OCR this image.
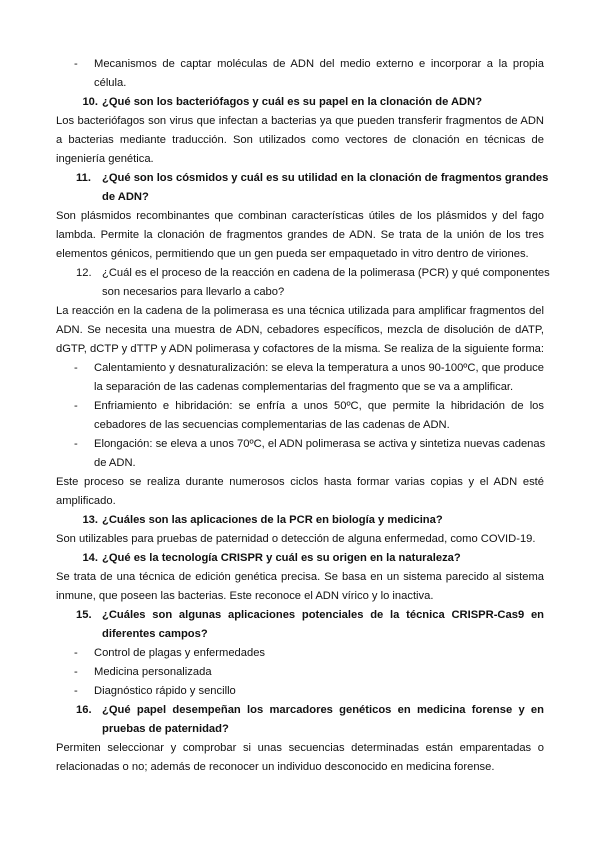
- Mecanismos de captar moléculas de ADN del medio externo e incorporar a la propia
célula.
10. ¿Qué son los bacteriófagos y cuál es su papel en la clonación de ADN?
Los bacteriófagos son virus que infectan a bacterias ya que pueden transferir fragmentos de ADN
a bacterias mediante traducción. Son utilizados como vectores de clonación en técnicas de
ingeniería genética.
11. ¿Qué son los cósmidos y cuál es su utilidad en la clonación de fragmentos grandes
de ADN?
Son plásmidos recombinantes que combinan características útiles de los plásmidos y del fago
lambda. Permite la clonación de fragmentos grandes de ADN. Se trata de la unión de los tres
elementos génicos, permitiendo que un gen pueda ser empaquetado in vitro dentro de viriones.
12. ¿Cuál es el proceso de la reacción en cadena de la polimerasa (PCR) y qué componentes
son necesarios para llevarlo a cabo?
La reacción en la cadena de la polimerasa es una técnica utilizada para amplificar fragmentos del
ADN. Se necesita una muestra de ADN, cebadores específicos, mezcla de disolución de dATP,
dGTP, dCTP y dTTP y ADN polimerasa y cofactores de la misma. Se realiza de la siguiente forma:
- Calentamiento y desnaturalización: se eleva la temperatura a unos 90-100ºC, que produce
la separación de las cadenas complementarias del fragmento que se va a amplificar.
- Enfriamiento e hibridación: se enfría a unos 50ºC, que permite la hibridación de los
cebadores de las secuencias complementarias de las cadenas de ADN.
- Elongación: se eleva a unos 70ºC, el ADN polimerasa se activa y sintetiza nuevas cadenas
de ADN.
Este proceso se realiza durante numerosos ciclos hasta formar varias copias y el ADN esté
amplificado.
13. ¿Cuáles son las aplicaciones de la PCR en biología y medicina?
Son utilizables para pruebas de paternidad o detección de alguna enfermedad, como COVID-19.
14. ¿Qué es la tecnología CRISPR y cuál es su origen en la naturaleza?
Se trata de una técnica de edición genética precisa. Se basa en un sistema parecido al sistema
inmune, que poseen las bacterias. Este reconoce el ADN vírico y lo inactiva.
15. ¿Cuáles son algunas aplicaciones potenciales de la técnica CRISPR-Cas9 en
diferentes campos?
- Control de plagas y enfermedades
- Medicina personalizada
- Diagnóstico rápido y sencillo
16. ¿Qué papel desempeñan los marcadores genéticos en medicina forense y en
pruebas de paternidad?
Permiten seleccionar y comprobar si unas secuencias determinadas están emparentadas o
relacionadas o no; además de reconocer un individuo desconocido en medicina forense.
